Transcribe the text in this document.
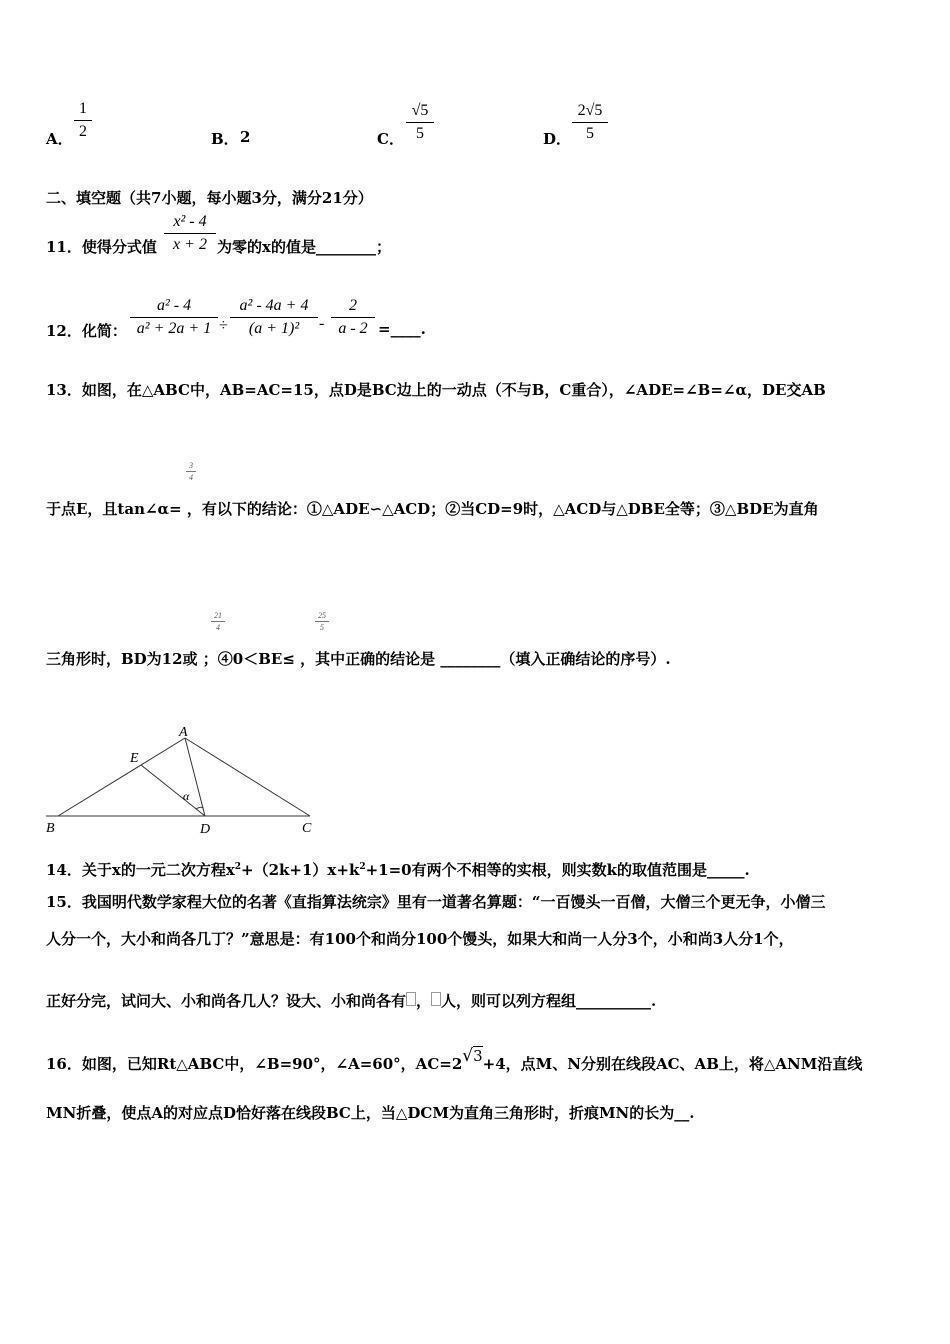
A．
1
2	B． 2	C．
√5
5	D．
2√5
5
二、填空题（共7小题，每小题3分，满分21分）
11．使得分式值
x² - 4
x + 2 为零的x的值是________；
12．化简：
a² - 4
a² + 2a + 1 ÷
a² - 4a + 4
(a + 1)²	-
2
a - 2 =____.
13．如图，在△ABC中，AB=AC=15，点D是BC边上的一动点（不与B，C重合），∠ADE=∠B=∠α，DE交AB
3
4
于点E，且tan∠α= ，有以下的结论：①△ADE∽△ACD；②当CD=9时，△ACD与△DBE全等；③△BDE为直角
21
4
25
5
三角形时，BD为12或 ；④0＜BE≤ ，其中正确的结论是 ________（填入正确结论的序号）.
A
B	C
D
E
α
14．关于x的一元二次方程$x^2+(2k+1)x+k^2+1=0$有两个不相等的实根，则实数k的取值范围是_____.
15．我国明代数学家程大位的名著《直指算法统宗》里有一道著名算题：“一百馒头一百僧，大僧三个更无争，小僧三
人分一个，大小和尚各几丁？”意思是：有100个和尚分100个馒头，如果大和尚一人分3个，小和尚3人分1个，
正好分完，试问大、小和尚各几人？设大、小和尚各有 ， 人，则可以列方程组__________.
16．如图，已知Rt△ABC中，∠B=90°，∠A=60°，AC=2√3+4，点M、N分别在线段AC、AB上，将△ANM沿直线
MN折叠，使点A的对应点D恰好落在线段BC上，当△DCM为直角三角形时，折痕MN的长为__.
